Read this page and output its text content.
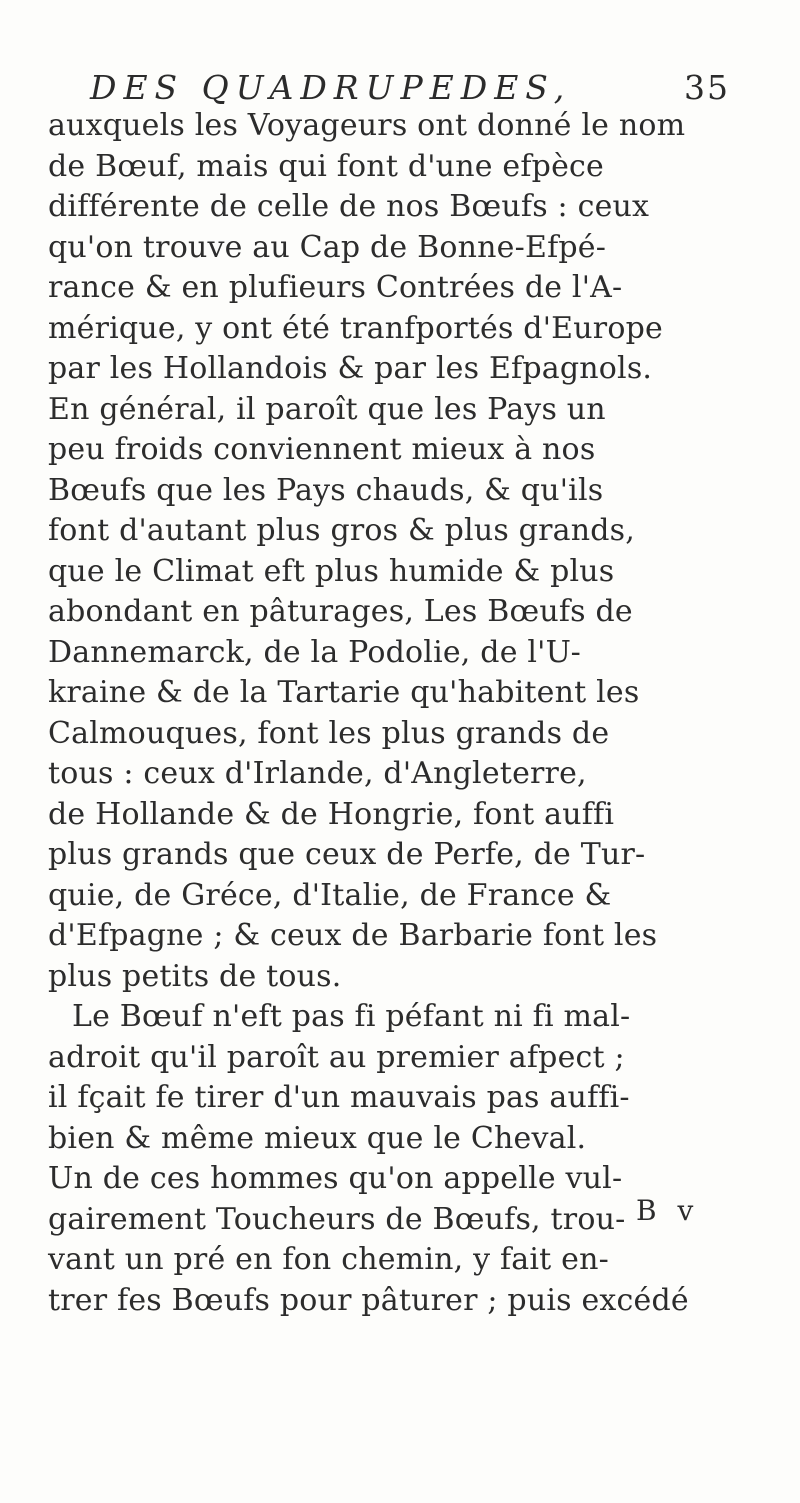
DES QUADRUPEDES,	35
auxquels les Voyageurs ont donné le nom
de Bœuf, mais qui font d'une efpèce
différente de celle de nos Bœufs : ceux
qu'on trouve au Cap de Bonne-Efpé-
rance & en plufieurs Contrées de l'A-
mérique, y ont été tranfportés d'Europe
par les Hollandois & par les Efpagnols.
En général, il paroît que les Pays un
peu froids conviennent mieux à nos
Bœufs que les Pays chauds, & qu'ils
font d'autant plus gros & plus grands,
que le Climat eft plus humide & plus
abondant en pâturages, Les Bœufs de
Dannemarck, de la Podolie, de l'U-
kraine & de la Tartarie qu'habitent les
Calmouques, font les plus grands de
tous : ceux d'Irlande, d'Angleterre,
de Hollande & de Hongrie, font auffi
plus grands que ceux de Perfe, de Tur-
quie, de Gréce, d'Italie, de France &
d'Efpagne ; & ceux de Barbarie font les
plus petits de tous.
Le Bœuf n'eft pas fi péfant ni fi mal-
adroit qu'il paroît au premier afpect ;
il fçait fe tirer d'un mauvais pas auffi-
bien & même mieux que le Cheval.
Un de ces hommes qu'on appelle vul-
gairement Toucheurs de Bœufs, trou-
vant un pré en fon chemin, y fait en-
trer fes Bœufs pour pâturer ; puis excédé
B v
